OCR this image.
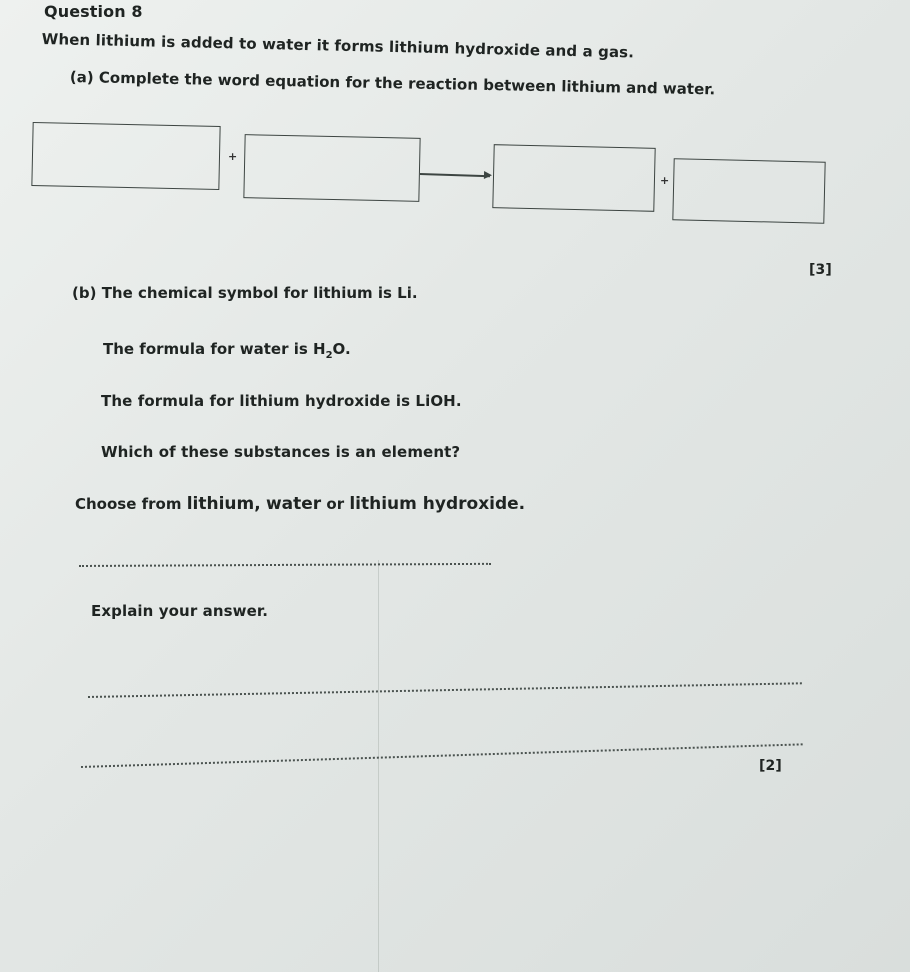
Question 8
When lithium is added to water it forms lithium hydroxide and a gas.
(a) Complete the word equation for the reaction between lithium and water.
+
+
[3]
(b) The chemical symbol for lithium is Li.
The formula for water is $H_2O$.
The formula for lithium hydroxide is LiOH.
Which of these substances is an element?
Choose from lithium, water or lithium hydroxide.
Explain your answer.
[2]
